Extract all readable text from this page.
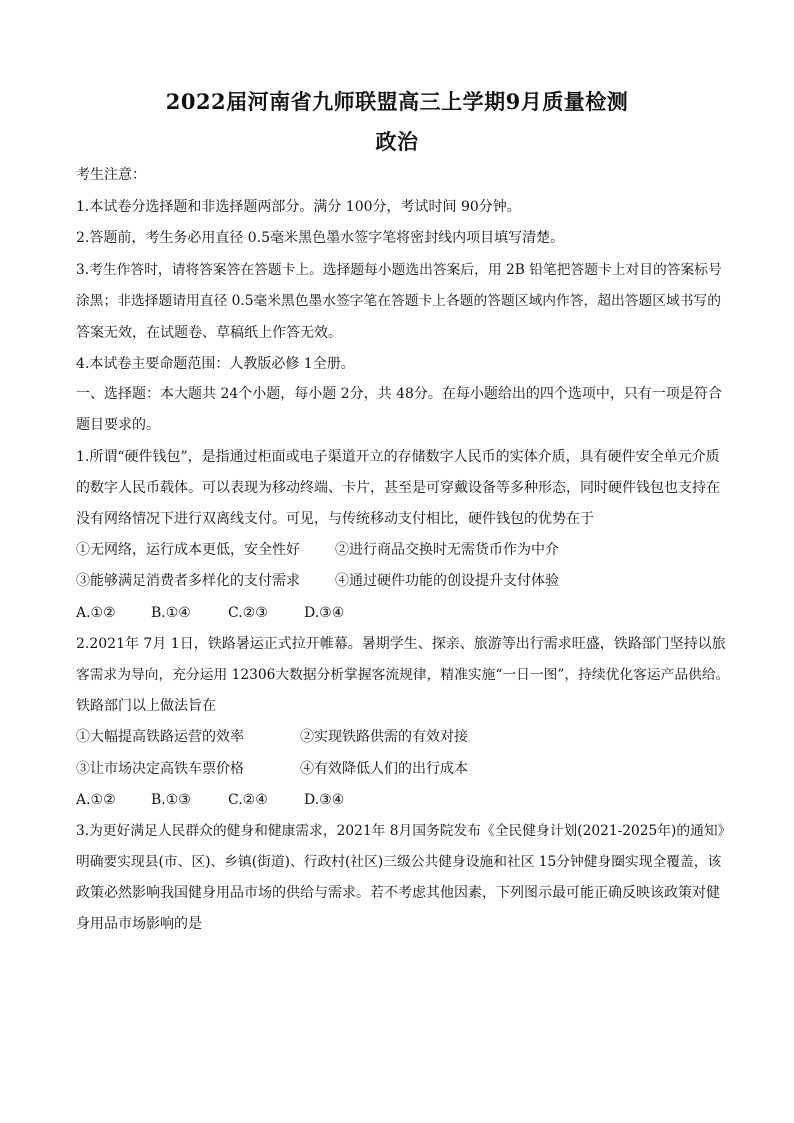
2022届河南省九师联盟高三上学期9月质量检测
政治
考生注意：
1.本试卷分选择题和非选择题两部分。满分 100分，考试时间 90分钟。
2.答题前，考生务必用直径 0.5毫米黑色墨水签字笔将密封线内项目填写清楚。
3.考生作答时，请将答案答在答题卡上。选择题每小题选出答案后，用 2B 铅笔把答题卡上对目的答案标号
涂黑；非选择题请用直径 0.5毫米黑色墨水签字笔在答题卡上各题的答题区域内作答，超出答题区域书写的
答案无效，在试题卷、草稿纸上作答无效。
4.本试卷主要命题范围：人教版必修 1全册。
一、选择题：本大题共 24个小题，每小题 2分，共 48分。在每小题给出的四个选项中，只有一项是符合
题目要求的。
1.所谓“硬件钱包”，是指通过柜面或电子渠道开立的存储数字人民币的实体介质，具有硬件安全单元介质
的数字人民币载体。可以表现为移动终端、卡片，甚至是可穿戴设备等多种形态，同时硬件钱包也支持在
没有网络情况下进行双离线支付。可见，与传统移动支付相比，硬件钱包的优势在于
①无网络，运行成本更低，安全性好	②进行商品交换时无需货币作为中介
③能够满足消费者多样化的支付需求	④通过硬件功能的创设提升支付体验
A.①②	B.①④	C.②③	D.③④
2.2021年 7月 1日，铁路暑运正式拉开帷幕。暑期学生、探亲、旅游等出行需求旺盛，铁路部门坚持以旅
客需求为导向，充分运用 12306大数据分析掌握客流规律，精准实施“一日一图”，持续优化客运产品供给。
铁路部门以上做法旨在
①大幅提高铁路运营的效率	②实现铁路供需的有效对接
③让市场决定高铁车票价格	④有效降低人们的出行成本
A.①②	B.①③	C.②④	D.③④
3.为更好满足人民群众的健身和健康需求，2021年 8月国务院发布《全民健身计划(2021-2025年)的通知》
明确要实现县(市、区)、乡镇(街道)、行政村(社区)三级公共健身设施和社区 15分钟健身圈实现全覆盖，该
政策必然影响我国健身用品市场的供给与需求。若不考虑其他因素，下列图示最可能正确反映该政策对健
身用品市场影响的是
